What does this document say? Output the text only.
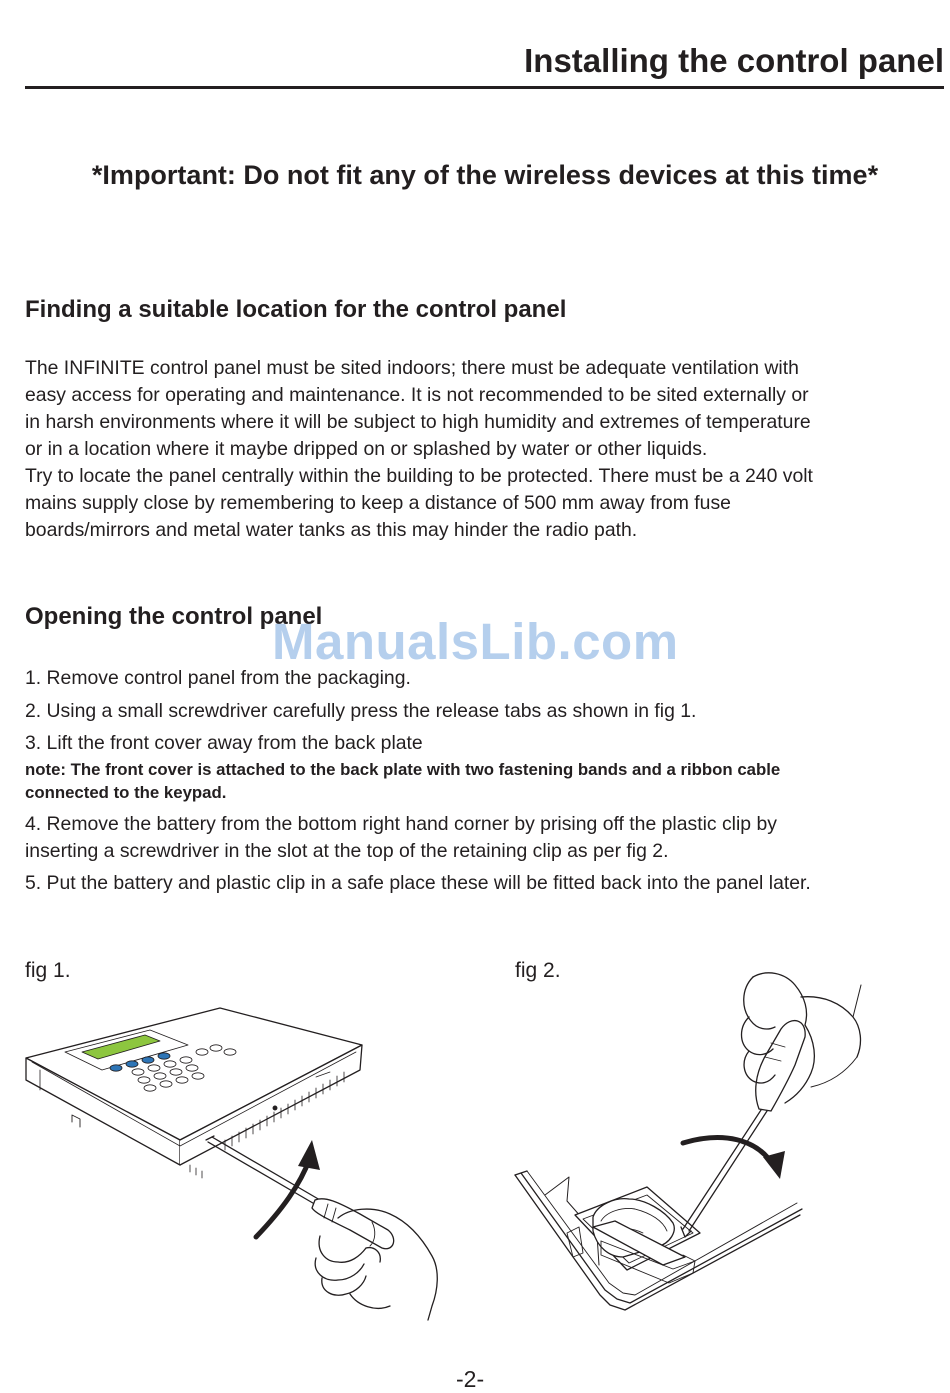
Installing the control panel
*Important: Do not fit any of the wireless devices at this time*
Finding a suitable location for the control panel

The INFINITE control panel must be sited indoors; there must be adequate ventilation with

easy access for operating and maintenance. It is not recommended to be sited externally or

in harsh environments where it will be subject to high humidity and extremes of temperature

or in a location where it maybe dripped on or splashed by water or other liquids.

Try to locate the panel centrally within the building to be protected. There must be a 240 volt

mains supply close by remembering to keep a distance of 500 mm away from fuse

boards/mirrors and metal water tanks as this may hinder the radio path.

Opening the control panel
ManualsLib.com

1. Remove control panel from the packaging.

2. Using a small screwdriver carefully press the release tabs as shown in fig 1.

3. Lift the front cover away from the back plate

note: The front cover is attached to the back plate with two fastening bands and a ribbon cable
connected to the keypad.

4. Remove the battery from the bottom right hand corner by prising off the plastic clip by

inserting a screwdriver in the slot at the top of the retaining clip as per fig 2.

5. Put the battery and plastic clip in a safe place these will be fitted back into the panel later.

fig 1.	fig 2.
-2-
